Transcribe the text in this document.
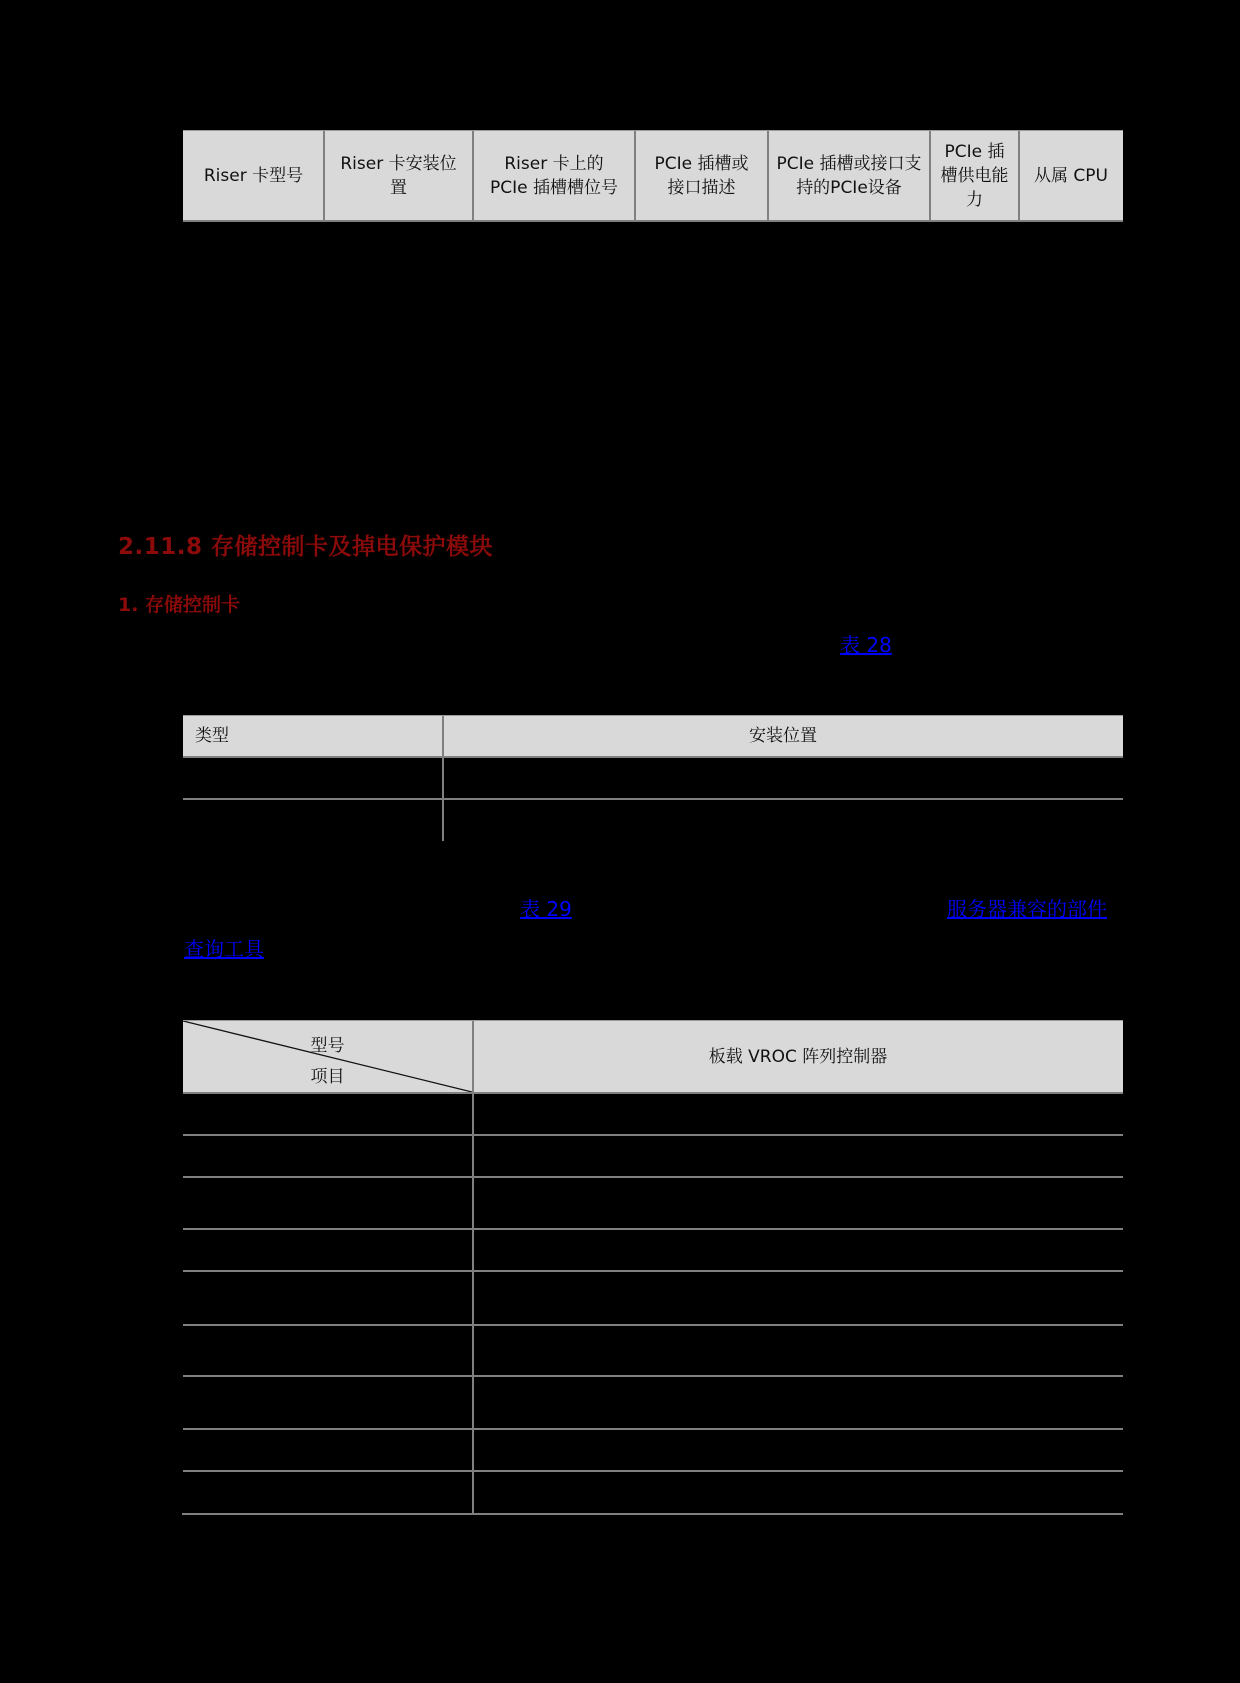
Riser 卡型号
Riser 卡安装位置
Riser 卡上的PCIe 插槽槽位号
PCIe 插槽或接口描述
PCIe 插槽或接口支持的PCIe设备
PCIe 插槽供电能力
从属 CPU
2.11.8 存储控制卡及掉电保护模块
1. 存储控制卡
表 28
类型	安装位置
表 29	服务器兼容的部件
查询工具
型号
项目
板载 VROC 阵列控制器
